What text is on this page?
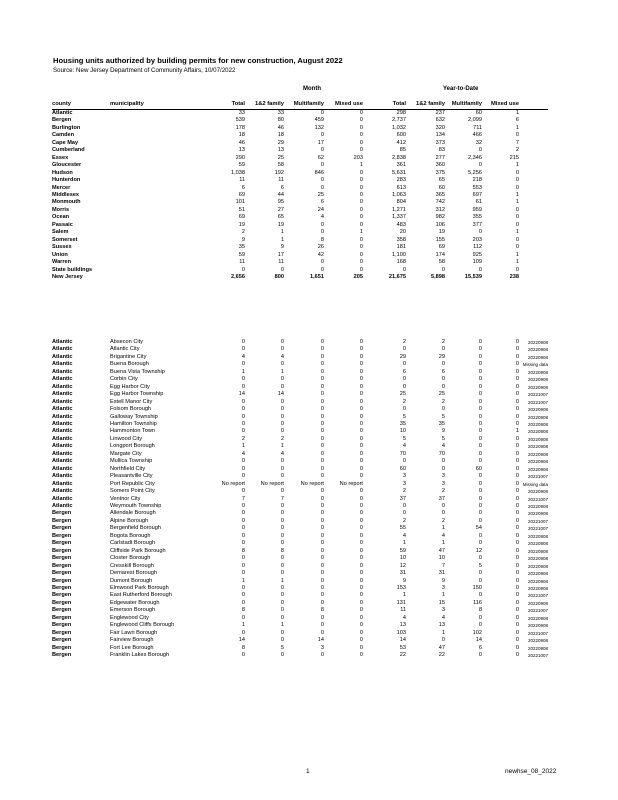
Housing units authorized by building permits for new construction, August 2022
Source: New Jersey Department of Community Affairs, 10/07/2022
Month	Year-to-Date
county	municipality	Total	1&2 family	Multifamily	Mixed use	Total	1&2 family	Multifamily	Mixed use	
Atlantic		33	33	0	0	298	237	60	1	
Bergen		539	80	459	0	2,737	632	2,099	6	
Burlington		178	46	132	0	1,032	320	711	1	
Camden		18	18	0	0	600	134	466	0	
Cape May		46	29	17	0	412	373	32	7	
Cumberland		13	13	0	0	85	83	0	2	
Essex		290	25	62	203	2,838	277	2,346	215	
Gloucester		59	58	0	1	361	360	0	1	
Hudson		1,038	192	846	0	5,631	375	5,256	0	
Hunterdon		11	11	0	0	283	65	218	0	
Mercer		6	6	0	0	613	60	553	0	
Middlesex		69	44	25	0	1,063	365	697	1	
Monmouth		101	95	6	0	804	742	61	1	
Morris		51	27	24	0	1,271	312	959	0	
Ocean		69	65	4	0	1,337	982	355	0	
Passaic		19	19	0	0	483	106	377	0	
Salem		2	1	0	1	20	19	0	1	
Somerset		9	1	8	0	358	155	203	0	
Sussex		35	9	26	0	181	69	112	0	
Union		59	17	42	0	1,100	174	925	1	
Warren		11	11	0	0	168	58	109	1	
State buildings		0	0	0	0	0	0	0	0	
New Jersey		2,656	800	1,651	205	21,675	5,898	15,539	238	
Atlantic	Absecon City	0	0	0	0	2	2	0	0	20220908
Atlantic	Atlantic City	0	0	0	0	0	0	0	0	20220908
Atlantic	Brigantine City	4	4	0	0	29	29	0	0	20220908
Atlantic	Buena Borough	0	0	0	0	0	0	0	0	Missing data
Atlantic	Buena Vista Township	1	1	0	0	6	6	0	0	20220908
Atlantic	Corbin City	0	0	0	0	0	0	0	0	20220908
Atlantic	Egg Harbor City	0	0	0	0	0	0	0	0	20220908
Atlantic	Egg Harbor Township	14	14	0	0	25	25	0	0	20221007
Atlantic	Estell Manor City	0	0	0	0	2	2	0	0	20221007
Atlantic	Folsom Borough	0	0	0	0	0	0	0	0	20220908
Atlantic	Galloway Township	0	0	0	0	5	5	0	0	20220908
Atlantic	Hamilton Township	0	0	0	0	35	35	0	0	20220908
Atlantic	Hammonton Town	0	0	0	0	10	9	0	1	20220908
Atlantic	Linwood City	2	2	0	0	5	5	0	0	20220908
Atlantic	Longport Borough	1	1	0	0	4	4	0	0	20220908
Atlantic	Margate City	4	4	0	0	70	70	0	0	20220908
Atlantic	Mullica Township	0	0	0	0	0	0	0	0	20220908
Atlantic	Northfield City	0	0	0	0	60	0	60	0	20220908
Atlantic	Pleasantville City	0	0	0	0	3	3	0	0	20221007
Atlantic	Port Republic City	No report	No report	No report	No report	3	3	0	0	Missing data
Atlantic	Somers Point City	0	0	0	0	2	2	0	0	20220908
Atlantic	Ventnor City	7	7	0	0	37	37	0	0	20221007
Atlantic	Weymouth Township	0	0	0	0	0	0	0	0	20220908
Bergen	Allendale Borough	0	0	0	0	0	0	0	0	20220908
Bergen	Alpine Borough	0	0	0	0	2	2	0	0	20221007
Bergen	Bergenfield Borough	0	0	0	0	55	1	54	0	20221007
Bergen	Bogota Borough	0	0	0	0	4	4	0	0	20220908
Bergen	Carlstadt Borough	0	0	0	0	1	1	0	0	20220908
Bergen	Cliffside Park Borough	8	8	0	0	59	47	12	0	20220908
Bergen	Closter Borough	0	0	0	0	10	10	0	0	20220908
Bergen	Cresskill Borough	0	0	0	0	12	7	5	0	20220908
Bergen	Demarest Borough	0	0	0	0	31	31	0	0	20220908
Bergen	Dumont Borough	1	1	0	0	9	9	0	0	20220908
Bergen	Elmwood Park Borough	0	0	0	0	153	3	150	0	20220908
Bergen	East Rutherford Borough	0	0	0	0	1	1	0	0	20221007
Bergen	Edgewater Borough	0	0	0	0	131	15	116	0	20220908
Bergen	Emerson Borough	8	0	8	0	11	3	8	0	20221007
Bergen	Englewood City	0	0	0	0	4	4	0	0	20220908
Bergen	Englewood Cliffs Borough	1	1	0	0	13	13	0	0	20220908
Bergen	Fair Lawn Borough	0	0	0	0	103	1	102	0	20221007
Bergen	Fairview Borough	14	0	14	0	14	0	14	0	20220908
Bergen	Fort Lee Borough	8	5	3	0	53	47	6	0	20220908
Bergen	Franklin Lakes Borough	0	0	0	0	22	22	0	0	20221007
1	newhse_08_2022
